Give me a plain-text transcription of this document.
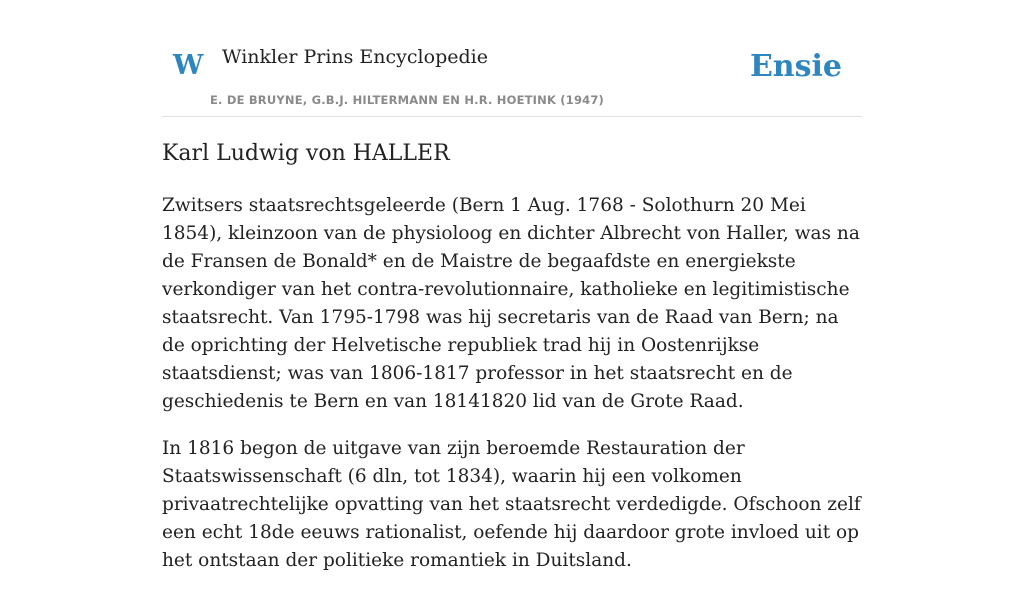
W Winkler Prins Encyclopedie
E. DE BRUYNE, G.B.J. HILTERMANN EN H.R. HOETINK (1947)
Ensie
Karl Ludwig von HALLER

Zwitsers staatsrechtsgeleerde (Bern 1 Aug. 1768 - Solothurn 20 Mei 1854), kleinzoon van de physioloog en dichter Albrecht von Haller, was na de Fransen de Bonald* en de Maistre de begaafdste en energiekste verkondiger van het contra-revolutionnaire, katholieke en legitimistische staatsrecht. Van 1795-1798 was hij secretaris van de Raad van Bern; na de oprichting der Helvetische republiek trad hij in Oostenrijkse staatsdienst; was van 1806-1817 professor in het staatsrecht en de geschiedenis te Bern en van 18141820 lid van de Grote Raad.

In 1816 begon de uitgave van zijn beroemde Restauration der Staatswissenschaft (6 dln, tot 1834), waarin hij een volkomen privaatrechtelijke opvatting van het staatsrecht verdedigde. Ofschoon zelf een echt 18de eeuws rationalist, oefende hij daardoor grote invloed uit op het ontstaan der politieke romantiek in Duitsland.
